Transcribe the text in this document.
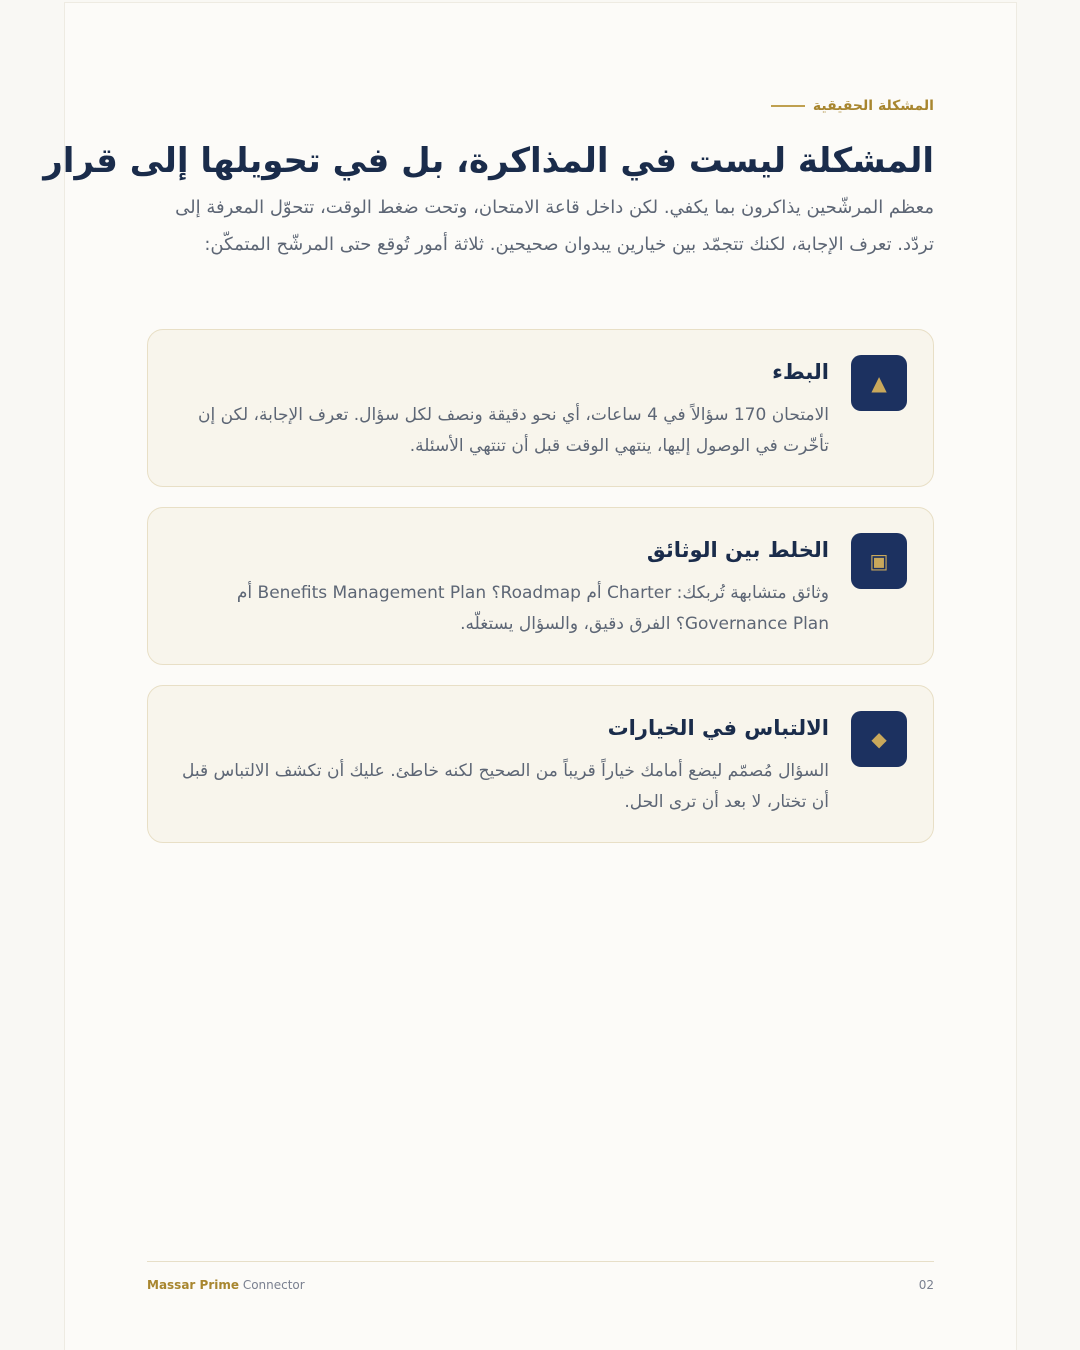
المشكلة الحقيقية
المشكلة ليست في المذاكرة، بل في تحويلها إلى قرار

معظم المرشّحين يذاكرون بما يكفي. لكن داخل قاعة الامتحان، وتحت ضغط الوقت، تتحوّل المعرفة إلى تردّد. تعرف الإجابة، لكنك تتجمّد بين خيارين يبدوان صحيحين. ثلاثة أمور تُوقع حتى المرشّح المتمكّن:

▲
البطء

الامتحان 170 سؤالاً في 4 ساعات، أي نحو دقيقة ونصف لكل سؤال. تعرف الإجابة، لكن إن تأخّرت في الوصول إليها، ينتهي الوقت قبل أن تنتهي الأسئلة.

▣
الخلط بين الوثائق

وثائق متشابهة تُربكك: Charter أم Roadmap؟ Benefits Management Plan أم Governance Plan؟ الفرق دقيق، والسؤال يستغلّه.

◆
الالتباس في الخيارات

السؤال مُصمّم ليضع أمامك خياراً قريباً من الصحيح لكنه خاطئ. عليك أن تكشف الالتباس قبل أن تختار، لا بعد أن ترى الحل.

Massar Prime Connector	02
